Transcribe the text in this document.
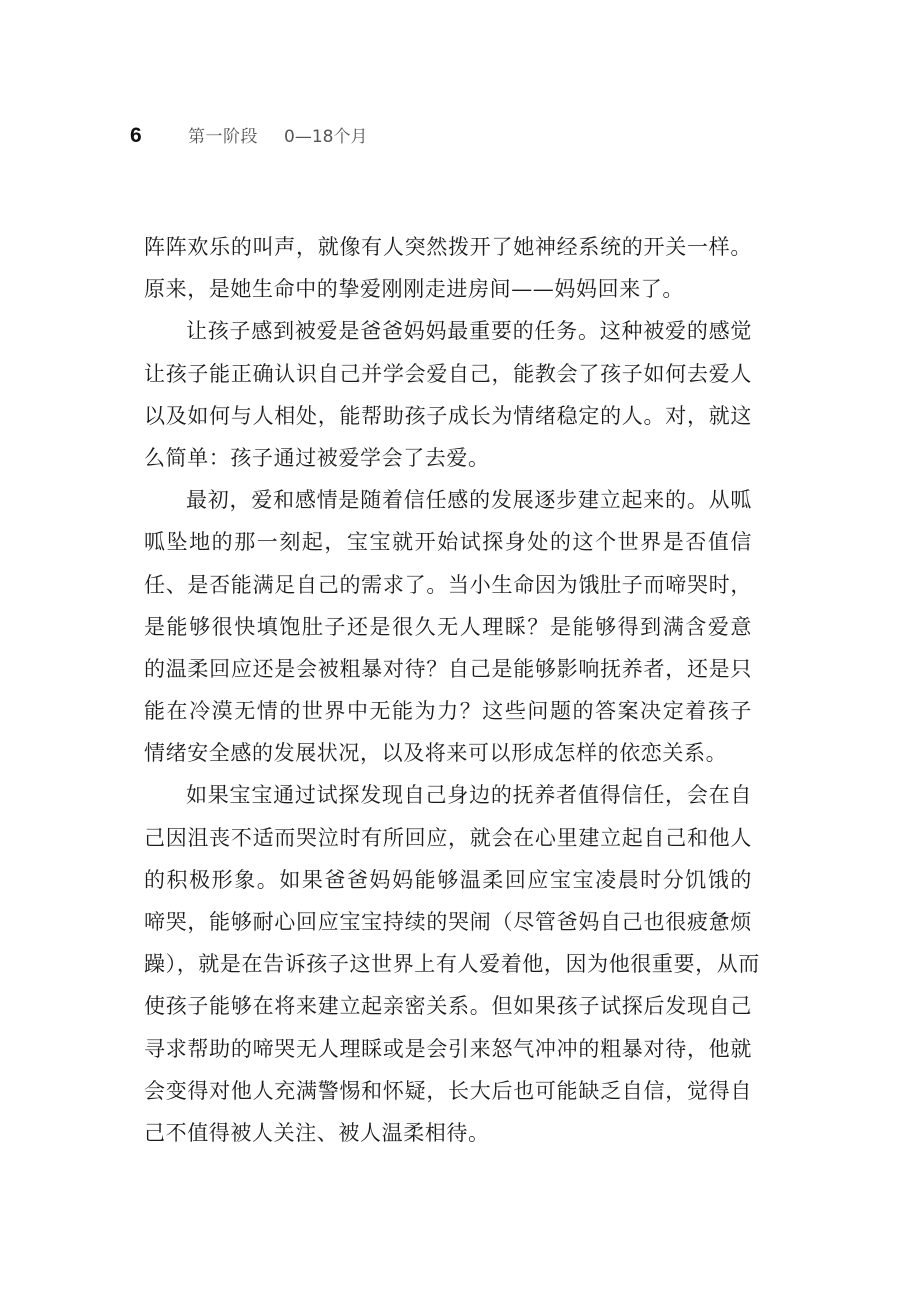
6	第一阶段 0—18个月
阵阵欢乐的叫声，就像有人突然拨开了她神经系统的开关一样。
原来，是她生命中的挚爱刚刚走进房间——妈妈回来了。
让孩子感到被爱是爸爸妈妈最重要的任务。这种被爱的感觉
让孩子能正确认识自己并学会爱自己，能教会了孩子如何去爱人
以及如何与人相处，能帮助孩子成长为情绪稳定的人。对，就这
么简单：孩子通过被爱学会了去爱。
最初，爱和感情是随着信任感的发展逐步建立起来的。从呱
呱坠地的那一刻起，宝宝就开始试探身处的这个世界是否值信
任、是否能满足自己的需求了。当小生命因为饿肚子而啼哭时，
是能够很快填饱肚子还是很久无人理睬？是能够得到满含爱意
的温柔回应还是会被粗暴对待？自己是能够影响抚养者，还是只
能在冷漠无情的世界中无能为力？这些问题的答案决定着孩子
情绪安全感的发展状况，以及将来可以形成怎样的依恋关系。
如果宝宝通过试探发现自己身边的抚养者值得信任，会在自
己因沮丧不适而哭泣时有所回应，就会在心里建立起自己和他人
的积极形象。如果爸爸妈妈能够温柔回应宝宝凌晨时分饥饿的
啼哭，能够耐心回应宝宝持续的哭闹（尽管爸妈自己也很疲惫烦
躁），就是在告诉孩子这世界上有人爱着他，因为他很重要，从而
使孩子能够在将来建立起亲密关系。但如果孩子试探后发现自己
寻求帮助的啼哭无人理睬或是会引来怒气冲冲的粗暴对待，他就
会变得对他人充满警惕和怀疑，长大后也可能缺乏自信，觉得自
己不值得被人关注、被人温柔相待。
